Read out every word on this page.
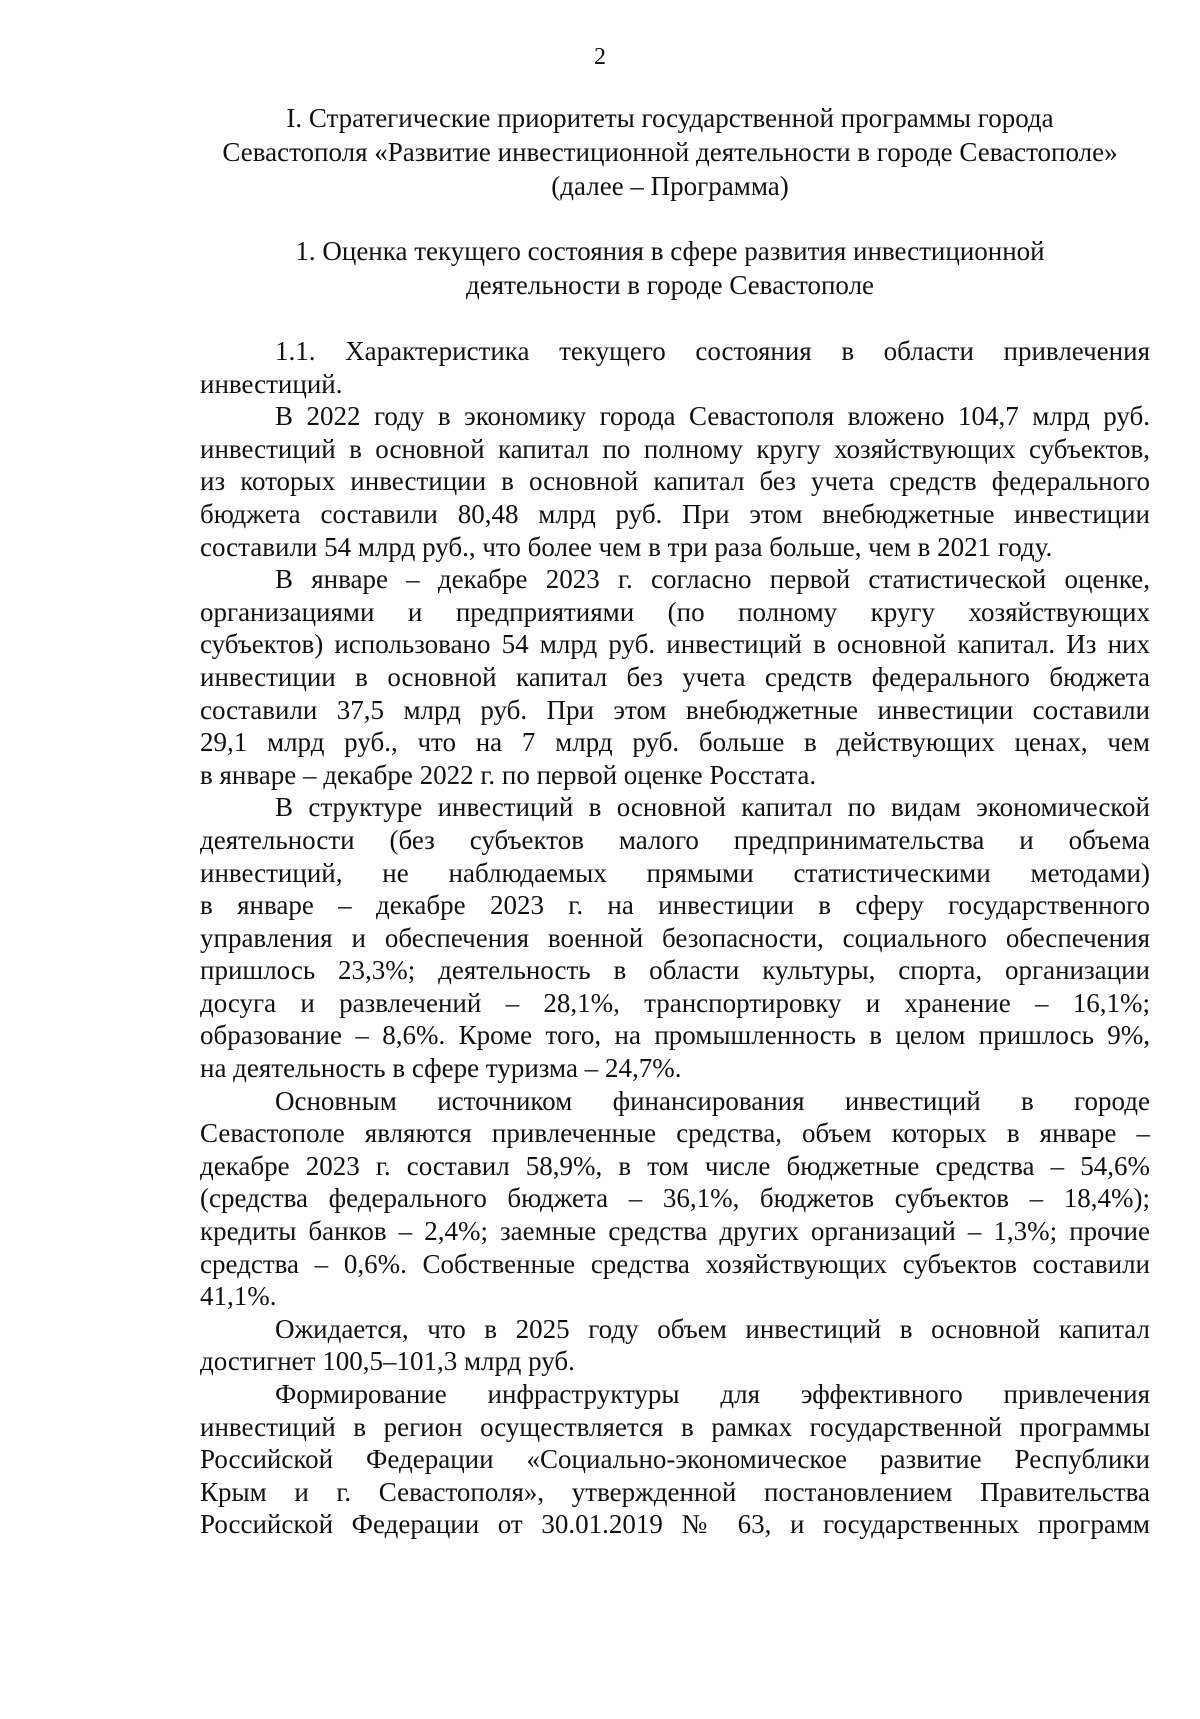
2
I. Стратегические приоритеты государственной программы города
Севастополя «Развитие инвестиционной деятельности в городе Севастополе»
(далее – Программа)
1. Оценка текущего состояния в сфере развития инвестиционной
деятельности в городе Севастополе
1.1. Характеристика текущего состояния в области привлечения
инвестиций.
В 2022 году в экономику города Севастополя вложено 104,7 млрд руб.
инвестиций в основной капитал по полному кругу хозяйствующих субъектов,
из которых инвестиции в основной капитал без учета средств федерального
бюджета составили 80,48 млрд руб. При этом внебюджетные инвестиции
составили 54 млрд руб., что более чем в три раза больше, чем в 2021 году.
В январе – декабре 2023 г. согласно первой статистической оценке,
организациями и предприятиями (по полному кругу хозяйствующих
субъектов) использовано 54 млрд руб. инвестиций в основной капитал. Из них
инвестиции в основной капитал без учета средств федерального бюджета
составили 37,5 млрд руб. При этом внебюджетные инвестиции составили
29,1 млрд руб., что на 7 млрд руб. больше в действующих ценах, чем
в январе – декабре 2022 г. по первой оценке Росстата.
В структуре инвестиций в основной капитал по видам экономической
деятельности (без субъектов малого предпринимательства и объема
инвестиций, не наблюдаемых прямыми статистическими методами)
в январе – декабре 2023 г. на инвестиции в сферу государственного
управления и обеспечения военной безопасности, социального обеспечения
пришлось 23,3%; деятельность в области культуры, спорта, организации
досуга и развлечений – 28,1%, транспортировку и хранение – 16,1%;
образование – 8,6%. Кроме того, на промышленность в целом пришлось 9%,
на деятельность в сфере туризма – 24,7%.
Основным источником финансирования инвестиций в городе
Севастополе являются привлеченные средства, объем которых в январе –
декабре 2023 г. составил 58,9%, в том числе бюджетные средства – 54,6%
(средства федерального бюджета – 36,1%, бюджетов субъектов – 18,4%);
кредиты банков – 2,4%; заемные средства других организаций – 1,3%; прочие
средства – 0,6%. Собственные средства хозяйствующих субъектов составили
41,1%.
Ожидается, что в 2025 году объем инвестиций в основной капитал
достигнет 100,5–101,3 млрд руб.
Формирование инфраструктуры для эффективного привлечения
инвестиций в регион осуществляется в рамках государственной программы
Российской Федерации «Социально-экономическое развитие Республики
Крым и г. Севастополя», утвержденной постановлением Правительства
Российской Федерации от 30.01.2019 № 63, и государственных программ
